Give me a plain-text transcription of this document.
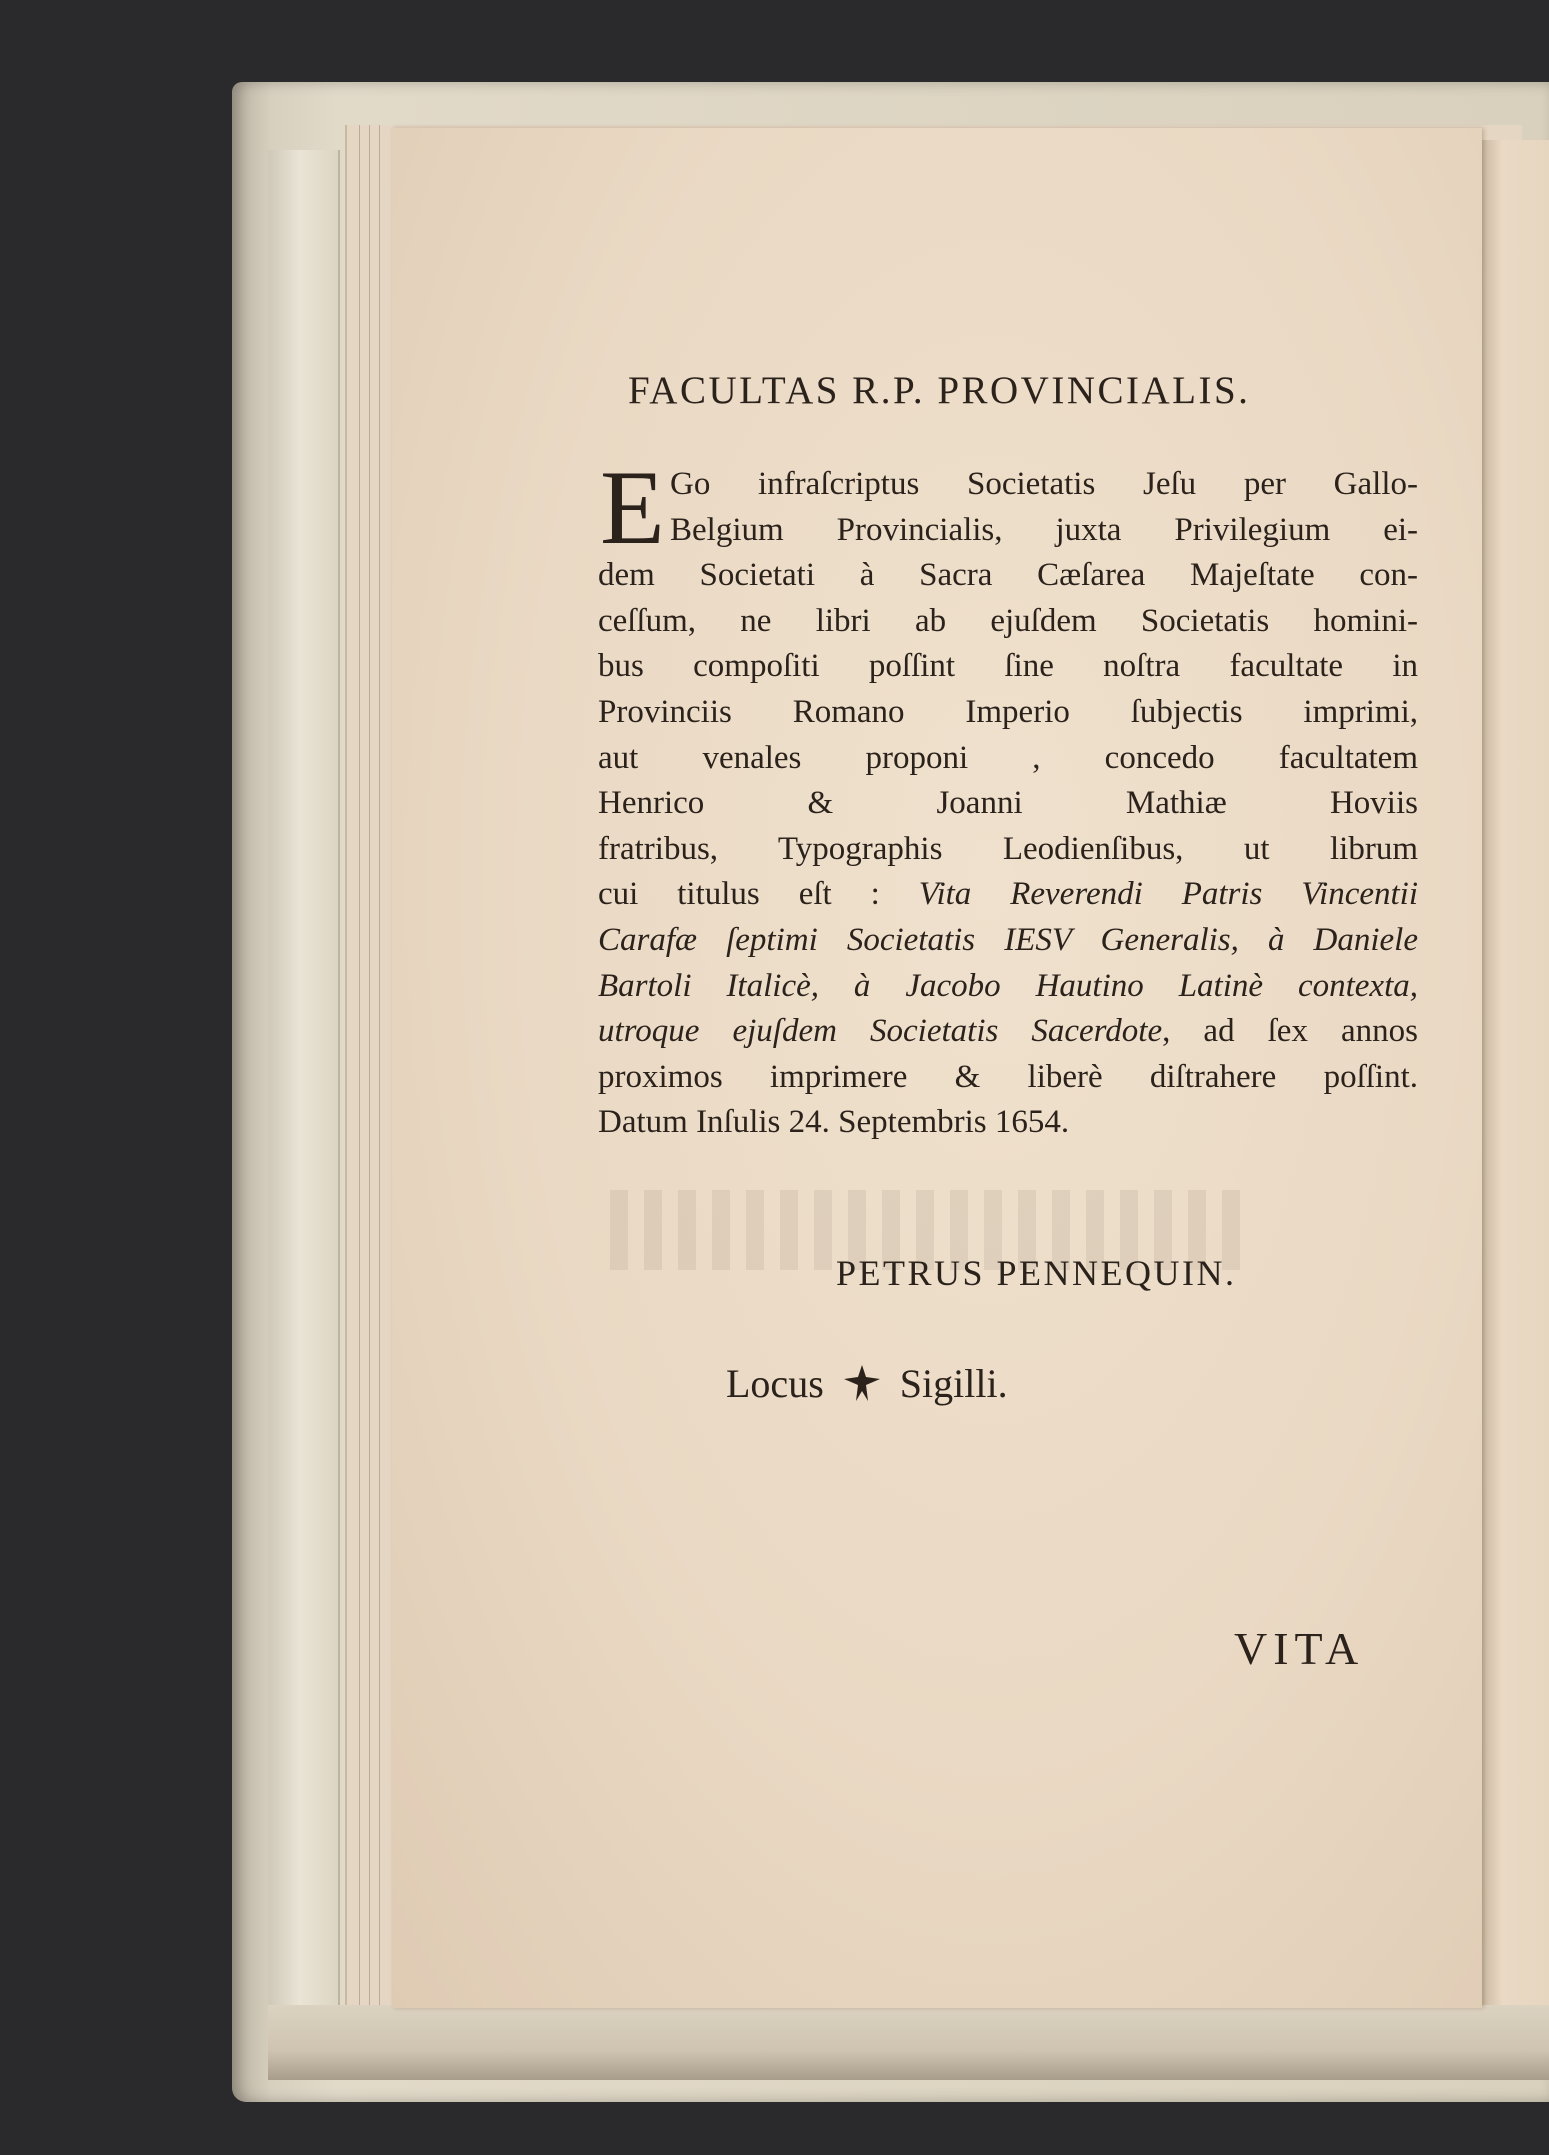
FACULTAS R.P. PROVINCIALIS.
E Go infraſcriptus Societatis Jeſu per Gallo-
Belgium Provincialis, juxta Privilegium ei-
dem Societati à Sacra Cæſarea Majeſtate con-
ceſſum, ne libri ab ejuſdem Societatis homini-
bus compoſiti poſſint ſine noſtra facultate in
Provinciis Romano Imperio ſubjectis imprimi,
aut venales proponi , concedo facultatem
Henrico & Joanni Mathiæ Hoviis
fratribus, Typographis Leodienſibus, ut librum
cui titulus eſt : Vita Reverendi Patris Vincentii
Carafæ ſeptimi Societatis IESV Generalis, à Daniele
Bartoli Italicè, à Jacobo Hautino Latinè contexta,
utroque ejuſdem Societatis Sacerdote, ad ſex annos
proximos imprimere & liberè diſtrahere poſſint.
Datum Inſulis 24. Septembris 1654.
PETRUS PENNEQUIN.
Locus Sigilli.
VITA
